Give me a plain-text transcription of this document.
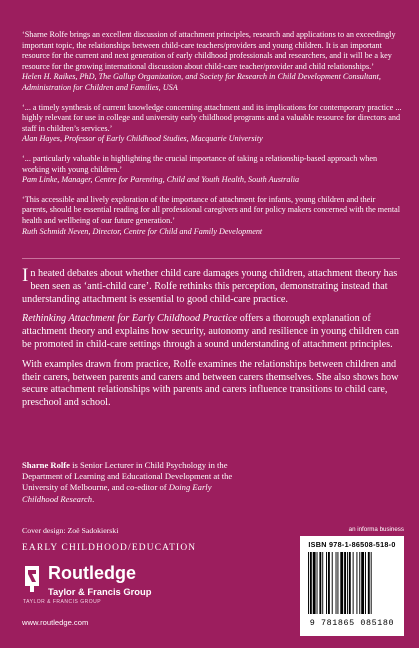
‘Sharne Rolfe brings an excellent discussion of attachment principles, research and applications to an exceedingly important topic, the relationships between child-care teachers/providers and young children. It is an important resource for the current and next generation of early childhood professionals and researchers, and it will be a key resource for the growing international discussion about child-care teacher/provider and child relationships.’

Helen H. Raikes, PhD, The Gallup Organization, and Society for Research in Child Development Consultant, Administration for Children and Families, USA

‘... a timely synthesis of current knowledge concerning attachment and its implications for contemporary practice ... highly relevant for use in college and university early childhood programs and a valuable resource for directors and staff in children’s services.’

Alan Hayes, Professor of Early Childhood Studies, Macquarie University

‘... particularly valuable in highlighting the crucial importance of taking a relationship-based approach when working with young children.’

Pam Linke, Manager, Centre for Parenting, Child and Youth Health, South Australia

‘This accessible and lively exploration of the importance of attachment for infants, young children and their parents, should be essential reading for all professional caregivers and for policy makers concerned with the mental health and wellbeing of our future generation.’

Ruth Schmidt Neven, Director, Centre for Child and Family Development

In heated debates about whether child care damages young children, attachment theory has been seen as ‘anti-child care’. Rolfe rethinks this perception, demonstrating instead that understanding attachment is essential to good child-care practice.

Rethinking Attachment for Early Childhood Practice offers a thorough explanation of attachment theory and explains how security, autonomy and resilience in young children can be promoted in child-care settings through a sound understanding of attachment principles.

With examples drawn from practice, Rolfe examines the relationships between children and their carers, between parents and carers and between carers themselves. She also shows how secure attachment relationships with parents and carers influence transitions to child care, preschool and school.

Sharne Rolfe is Senior Lecturer in Child Psychology in the Department of Learning and Educational Development at the University of Melbourne, and co-editor of Doing Early Childhood Research.
Cover design: Zoë Sadokierski
EARLY CHILDHOOD/EDUCATION
Routledge
Taylor & Francis Group
TAYLOR & FRANCIS GROUP
www.routledge.com
an informa business
ISBN 978-1-86508-518-0
9 781865 085180
